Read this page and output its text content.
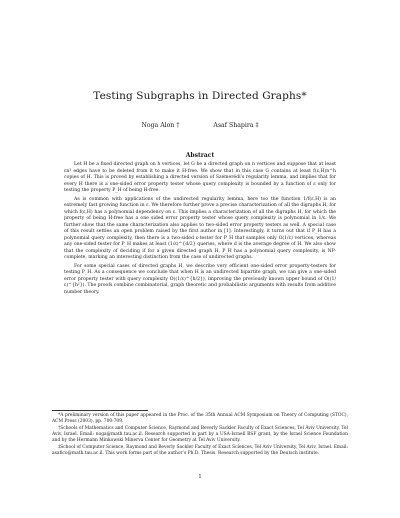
Testing Subgraphs in Directed Graphs*
Noga Alon †	Asaf Shapira ‡
Abstract

Let H be a fixed directed graph on h vertices, let G be a directed graph on n vertices and suppose that at least εn² edges have to be deleted from it to make it H-free. We show that in this case G contains at least f(ε,H)n^h copies of H. This is proved by establishing a directed version of Szemerédi’s regularity lemma, and implies that for every H there is a one-sided error property tester whose query complexity is bounded by a function of ε only for testing the property P_H of being H-free.

As is common with applications of the undirected regularity lemma, here too the function 1/f(ε,H) is an extremely fast growing function in ε. We therefore further prove a precise characterization of all the digraphs H, for which f(ε,H) has a polynomial dependency on ε. This implies a characterization of all the digraphs H, for which the property of being H-free has a one sided error property tester whose query complexity is polynomial in 1/ε. We further show that the same characterization also applies to two-sided error property testers as well. A special case of this result settles an open problem raised by the first author in [1]. Interestingly, it turns out that if P_H has a polynomial query complexity, then there is a two-sided ε-tester for P_H that samples only O(1/ε) vertices, whereas any one-sided tester for P_H makes at least (1/ε)^{d/2} queries, where d is the average degree of H. We also show that the complexity of deciding if for a given directed graph H, P_H has a polynomial query complexity, is NP-complete, marking an interesting distinction from the case of undirected graphs.

For some special cases of directed graphs H, we describe very efficient one-sided error property-testers for testing P_H. As a consequence we conclude that when H is an undirected bipartite graph, we can give a one-sided error property tester with query complexity O((1/ε)^{h/2}), improving the previously known upper bound of O((1/ε)^{h²}). The proofs combine combinatorial, graph theoretic and probabilistic arguments with results from additive number theory.

*A preliminary version of this paper appeared in the Proc. of the 35th Annual ACM Symposium on Theory of Computing (STOC), ACM Press (2003), pp. 700-709.

†Schools of Mathematics and Computer Science, Raymond and Beverly Sackler Faculty of Exact Sciences, Tel Aviv University, Tel Aviv, Israel. Email: noga@math.tau.ac.il. Research supported in part by a USA-Israeli BSF grant, by the Israel Science Foundation and by the Hermann Minkowski Minerva Center for Geometry at Tel Aviv University.

‡School of Computer Science, Raymond and Beverly Sackler Faculty of Exact Sciences, Tel Aviv University, Tel Aviv, Israel. Email: asafico@math.tau.ac.il. This work forms part of the author’s Ph.D. Thesis. Research supported by the Deutsch institute.

1
